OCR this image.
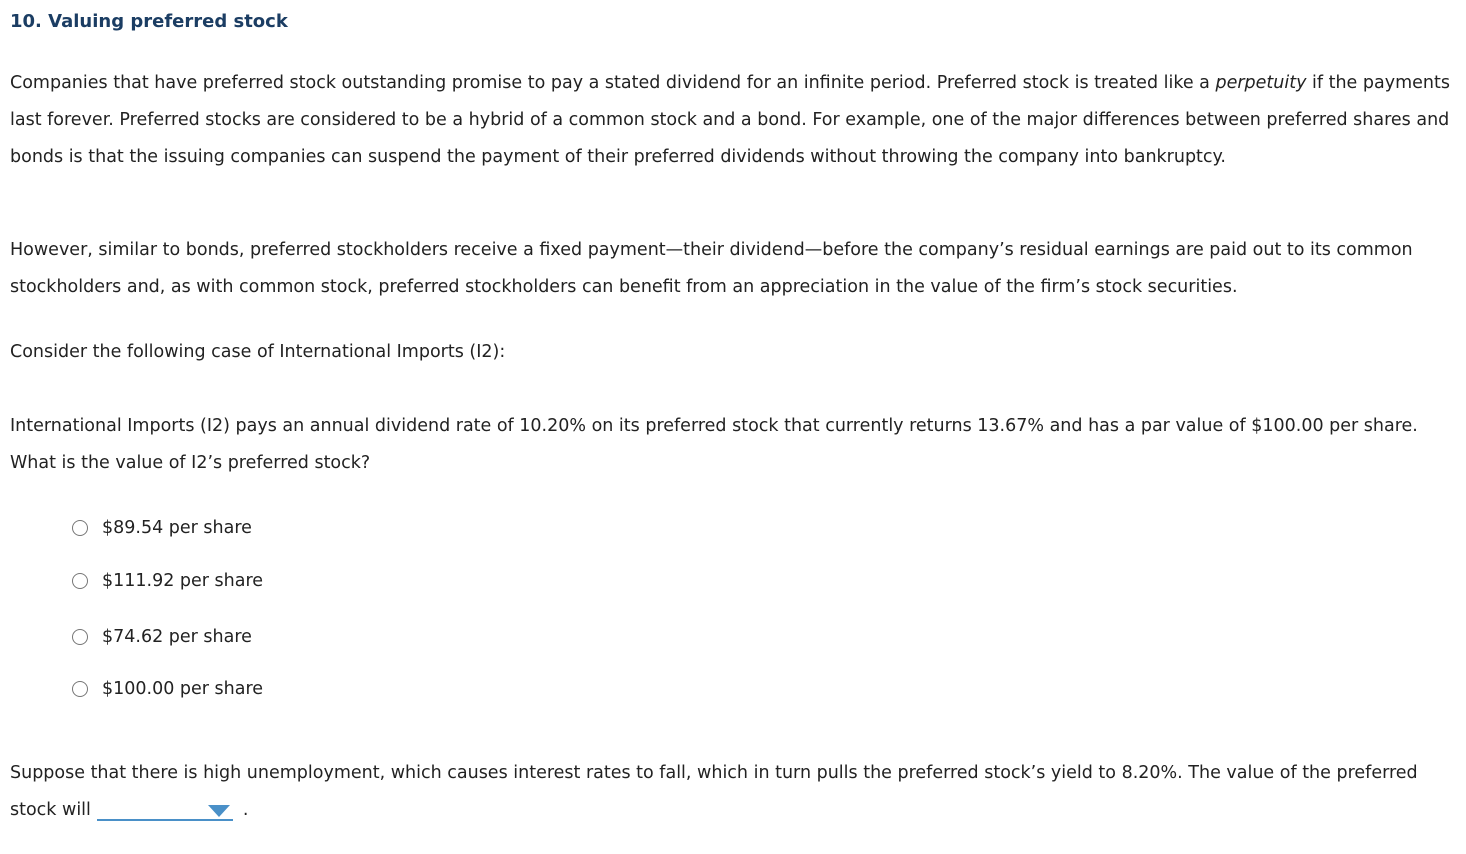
10. Valuing preferred stock

Companies that have preferred stock outstanding promise to pay a stated dividend for an infinite period. Preferred stock is treated like a perpetuity if the payments last forever. Preferred stocks are considered to be a hybrid of a common stock and a bond. For example, one of the major differences between preferred shares and bonds is that the issuing companies can suspend the payment of their preferred dividends without throwing the company into bankruptcy.

However, similar to bonds, preferred stockholders receive a fixed payment—their dividend—before the company’s residual earnings are paid out to its common stockholders and, as with common stock, preferred stockholders can benefit from an appreciation in the value of the firm’s stock securities.

Consider the following case of International Imports (I2):

International Imports (I2) pays an annual dividend rate of 10.20% on its preferred stock that currently returns 13.67% and has a par value of $100.00 per share. What is the value of I2’s preferred stock?

$89.54 per share
$111.92 per share
$74.62 per share
$100.00 per share

Suppose that there is high unemployment, which causes interest rates to fall, which in turn pulls the preferred stock’s yield to 8.20%. The value of the preferred stock will	.
